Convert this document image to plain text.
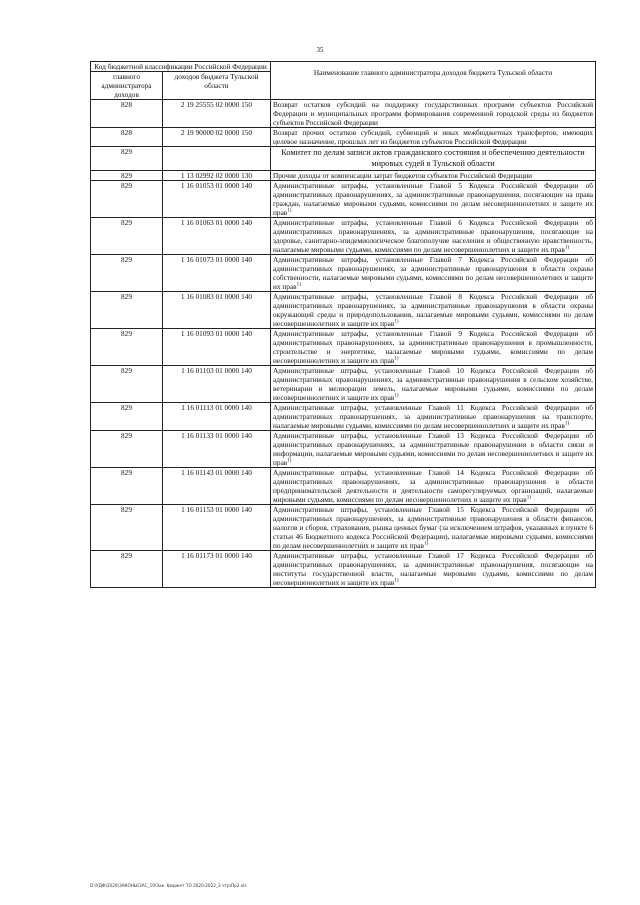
35
Код бюджетной классификации Российской Федерации		Наименование главного администратора доходов бюджета Тульской области
главного администратора доходов	доходов бюджета Тульской области	
828	2 19 25555 02 0000 150	Возврат остатков субсидий на поддержку государственных программ субъектов Российской Федерации и муниципальных программ формирования современной городской среды из бюджетов субъектов Российской Федерации
828	2 19 90000 02 0000 150	Возврат прочих остатков субсидий, субвенций и иных межбюджетных трансфертов, имеющих целевое назначение, прошлых лет из бюджетов субъектов Российской Федерации
829		Комитет по делам записи актов гражданского состояния и обеспечению деятельности мировых судей в Тульской области
829	1 13 02992 02 0000 130	Прочие доходы от компенсации затрат бюджетов субъектов Российской Федерации
829	1 16 01053 01 0000 140	Административные штрафы, установленные Главой 5 Кодекса Российской Федерации об административных правонарушениях, за административные правонарушения, посягающие на права граждан, налагаемые мировыми судьями, комиссиями по делам несовершеннолетних и защите их прав$^{1)}$
829	1 16 01063 01 0000 140	Административные штрафы, установленные Главой 6 Кодекса Российской Федерации об административных правонарушениях, за административные правонарушения, посягающие на здоровье, санитарно-эпидемиологическое благополучие населения и общественную нравственность, налагаемые мировыми судьями, комиссиями по делам несовершеннолетних и защите их прав$^{1)}$
829	1 16 01073 01 0000 140	Административные штрафы, установленные Главой 7 Кодекса Российской Федерации об административных правонарушениях, за административные правонарушения в области охраны собственности, налагаемые мировыми судьями, комиссиями по делам несовершеннолетних и защите их прав$^{1)}$
829	1 16 01083 01 0000 140	Административные штрафы, установленные Главой 8 Кодекса Российской Федерации об административных правонарушениях, за административные правонарушения в области охраны окружающей среды и природопользования, налагаемые мировыми судьями, комиссиями по делам несовершеннолетних и защите их прав$^{1)}$
829	1 16 01093 01 0000 140	Административные штрафы, установленные Главой 9 Кодекса Российской Федерации об административных правонарушениях, за административные правонарушения в промышленности, строительстве и энергетике, налагаемые мировыми судьями, комиссиями по делам несовершеннолетних и защите их прав$^{1)}$
829	1 16 01103 01 0000 140	Административные штрафы, установленные Главой 10 Кодекса Российской Федерации об административных правонарушениях, за административные правонарушения в сельском хозяйстве, ветеринарии и мелиорации земель, налагаемые мировыми судьями, комиссиями по делам несовершеннолетних и защите их прав$^{1)}$
829	1 16 01113 01 0000 140	Административные штрафы, установленные Главой 11 Кодекса Российской Федерации об административных правонарушениях, за административные правонарушения на транспорте, налагаемые мировыми судьями, комиссиями по делам несовершеннолетних и защите их прав$^{1)}$
829	1 16 01133 01 0000 140	Административные штрафы, установленные Главой 13 Кодекса Российской Федерации об административных правонарушениях, за административные правонарушения в области связи и информации, налагаемые мировыми судьями, комиссиями по делам несовершеннолетних и защите их прав$^{1)}$
829	1 16 01143 01 0000 140	Административные штрафы, установленные Главой 14 Кодекса Российской Федерации об административных правонарушениях, за административные правонарушения в области предпринимательской деятельности и деятельности саморегулируемых организаций, налагаемые мировыми судьями, комиссиями по делам несовершеннолетних и защите их прав$^{1)}$
829	1 16 01153 01 0000 140	Административные штрафы, установленные Главой 15 Кодекса Российской Федерации об административных правонарушениях, за административные правонарушения в области финансов, налогов и сборов, страхования, рынка ценных бумаг (за исключением штрафов, указанных в пункте 6 статьи 46 Бюджетного кодекса Российской Федерации), налагаемые мировыми судьями, комиссиями по делам несовершеннолетних и защите их прав$^{1)}$
829	1 16 01173 01 0000 140	Административные штрафы, установленные Главой 17 Кодекса Российской Федерации об административных правонарушениях, за административные правонарушения, посягающие на институты государственной власти, налагаемые мировыми судьями, комиссиями по делам несовершеннолетних и защите их прав$^{1)}$
D:\УДФ\2020\ЗАКОНЫ\ЗАС_19\Зак. бюджет ТО 2020-2022_3 чтр\Пр2.xls
